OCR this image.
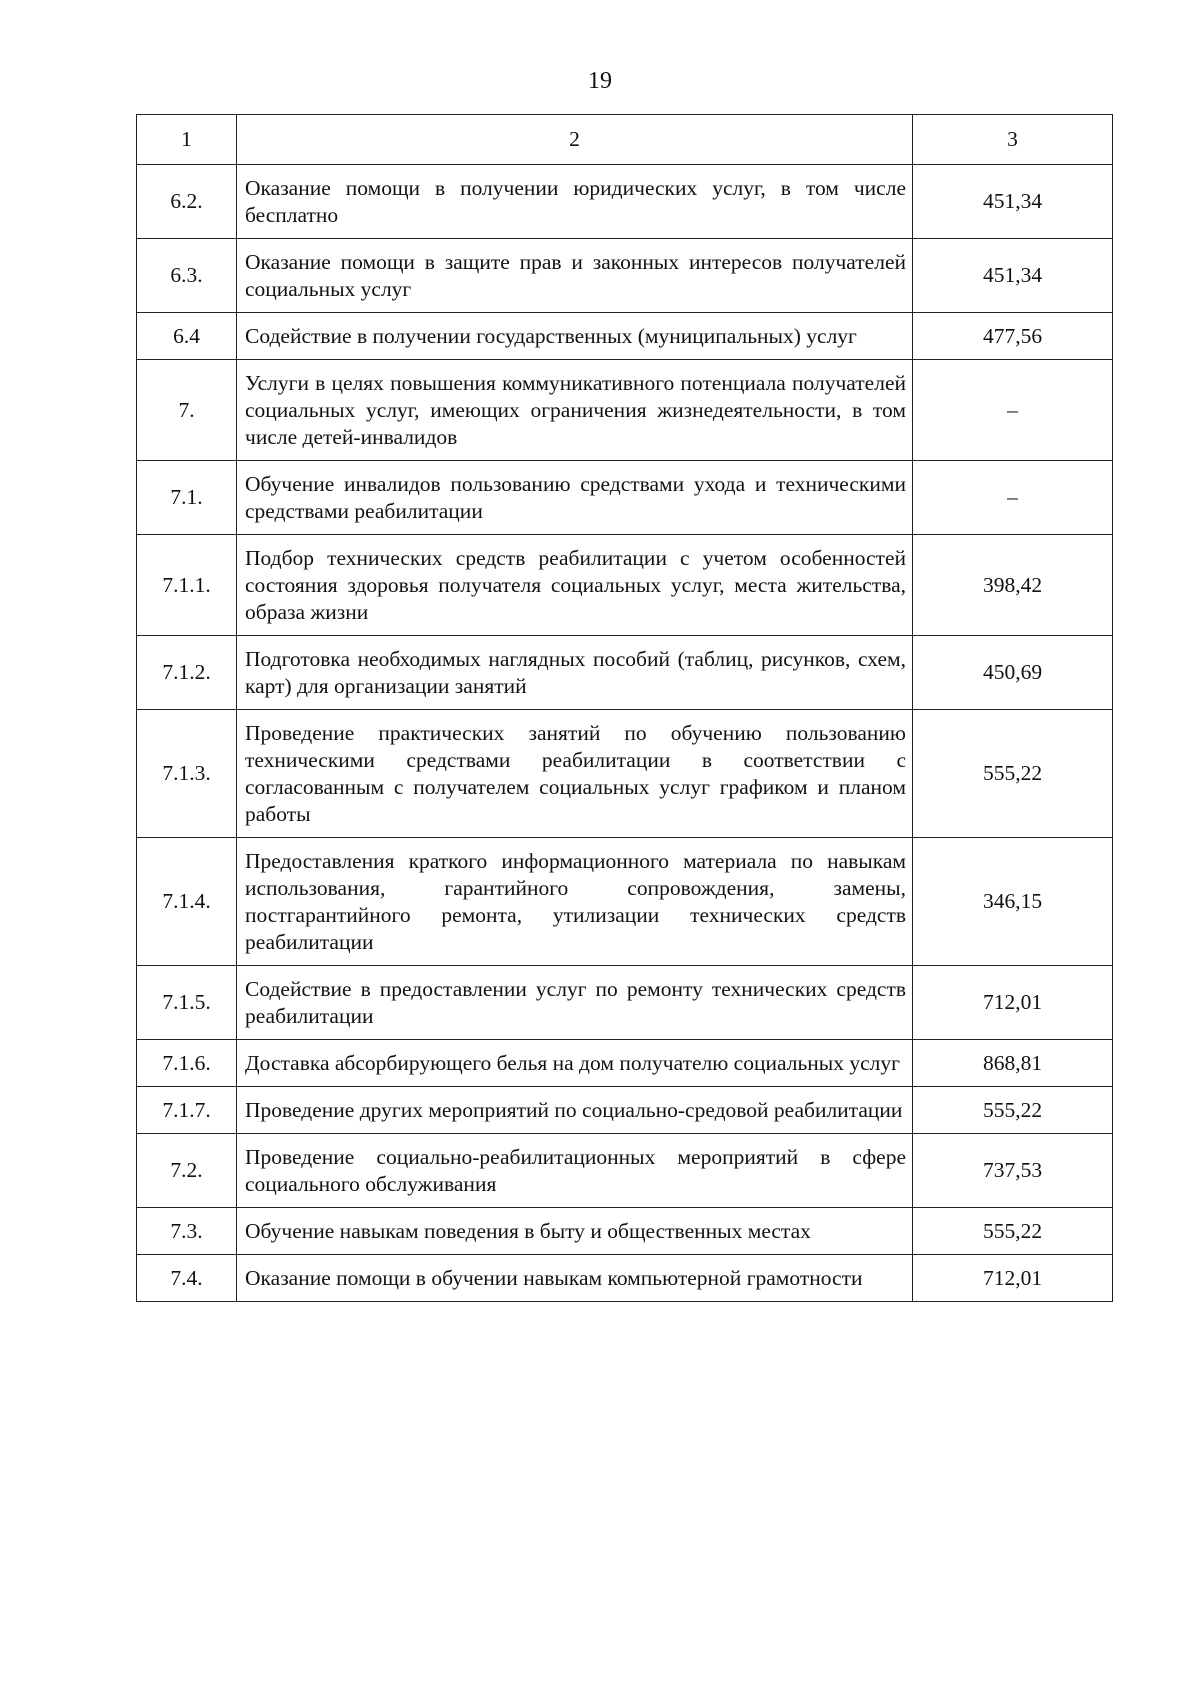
19
1	2	3
6.2.	Оказание помощи в получении юридических услуг, в том числе бесплатно	451,34
6.3.	Оказание помощи в защите прав и законных интересов получателей социальных услуг	451,34
6.4	Содействие в получении государственных (муниципальных) услуг	477,56
7.	Услуги в целях повышения коммуникативного потенциала получателей социальных услуг, имеющих ограничения жизнедеятельности, в том числе детей-инвалидов	–
7.1.	Обучение инвалидов пользованию средствами ухода и техническими средствами реабилитации	–
7.1.1.	Подбор технических средств реабилитации с учетом особенностей состояния здоровья получателя социальных услуг, места жительства, образа жизни	398,42
7.1.2.	Подготовка необходимых наглядных пособий (таблиц, рисунков, схем, карт) для организации занятий	450,69
7.1.3.	Проведение практических занятий по обучению пользованию техническими средствами реабилитации в соответствии с согласованным с получателем социальных услуг графиком и планом работы	555,22
7.1.4.	Предоставления краткого информационного материала по навыкам использования, гарантийного сопровождения, замены, постгарантийного ремонта, утилизации технических средств реабилитации	346,15
7.1.5.	Содействие в предоставлении услуг по ремонту технических средств реабилитации	712,01
7.1.6.	Доставка абсорбирующего белья на дом получателю социальных услуг	868,81
7.1.7.	Проведение других мероприятий по социально-средовой реабилитации	555,22
7.2.	Проведение социально-реабилитационных мероприятий в сфере социального обслуживания	737,53
7.3.	Обучение навыкам поведения в быту и общественных местах	555,22
7.4.	Оказание помощи в обучении навыкам компьютерной грамотности	712,01
